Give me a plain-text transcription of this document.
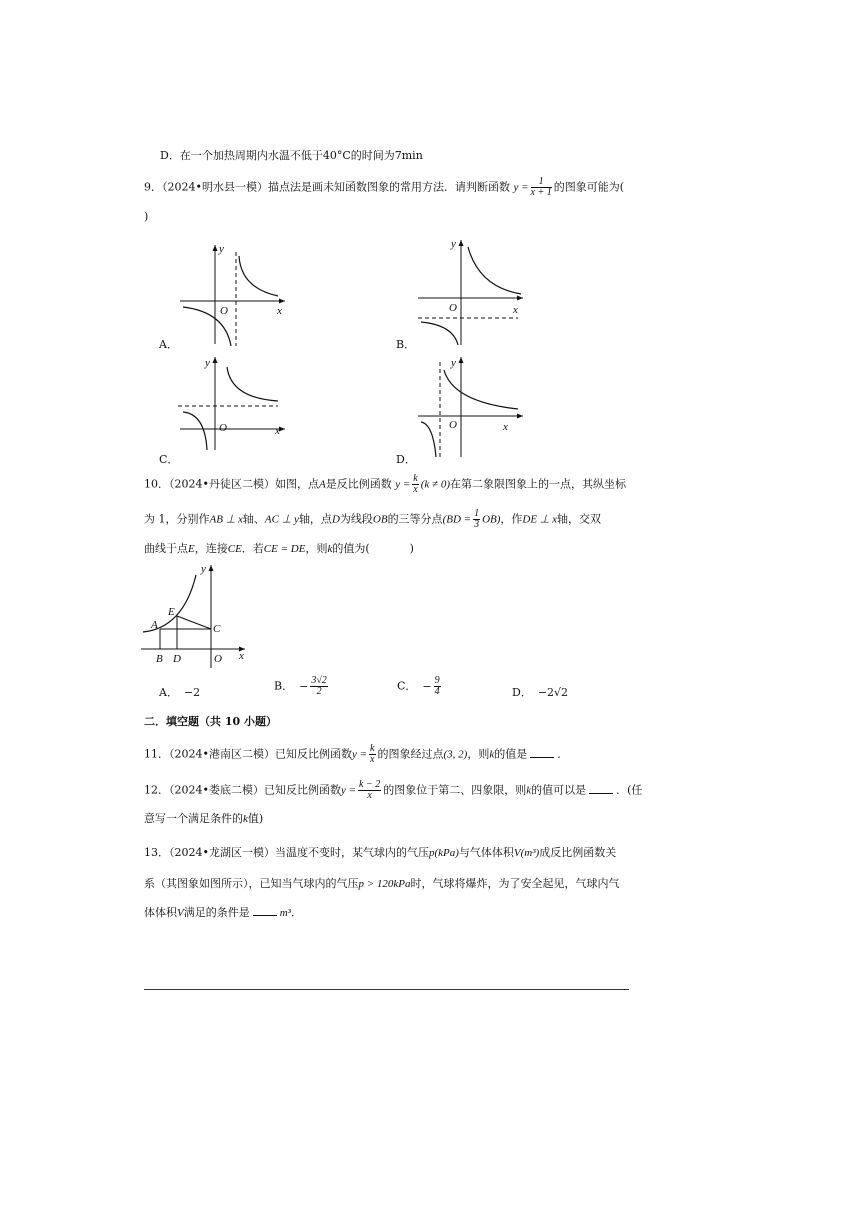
D．在一个加热周期内水温不低于40°C的时间为7min
9．（2024•明水县一模）描点法是画未知函数图象的常用方法．请判断函数 $y = \frac{1}{x + 1}$ 的图象可能为(
)
y
x
O
A．
y
x
O
B．
y
x
O
C．
y
x
O
D．
10．（2024•丹徒区二模）如图，点A是反比例函数 $y = \frac{k}{x} (k \ne 0)$在第二象限图象上的一点，其纵坐标
为 1，分别作AB ⊥ x轴、AC ⊥ y轴，点D为线段OB的三等分点$(BD = \frac{1}{3} OB)$，作DE ⊥ x轴，交双
曲线于点E，连接CE．若CE = DE，则k的值为(	)
y
x
A
B
C
D
E
O
A． −2	B． − $\frac{3√2}{2}$	C． − $\frac{9}{4}$	D． −2√2
二．填空题（共 10 小题）
11．（2024•港南区二模）已知反比例函数$y = \frac{k}{x}$ 的图象经过点(3, 2)，则k的值是	．
12．（2024•娄底二模）已知反比例函数$y = \frac{k - 2}{x}$ 的图象位于第二、四象限，则k的值可以是	．(任
意写一个满足条件的k值)
13．（2024•龙湖区一模）当温度不变时，某气球内的气压p(kPa)与气体体积V(m³)成反比例函数关
系（其图象如图所示），已知当气球内的气压p > 120kPa时，气球将爆炸，为了安全起见，气球内气
体体积V满足的条件是	m³．
